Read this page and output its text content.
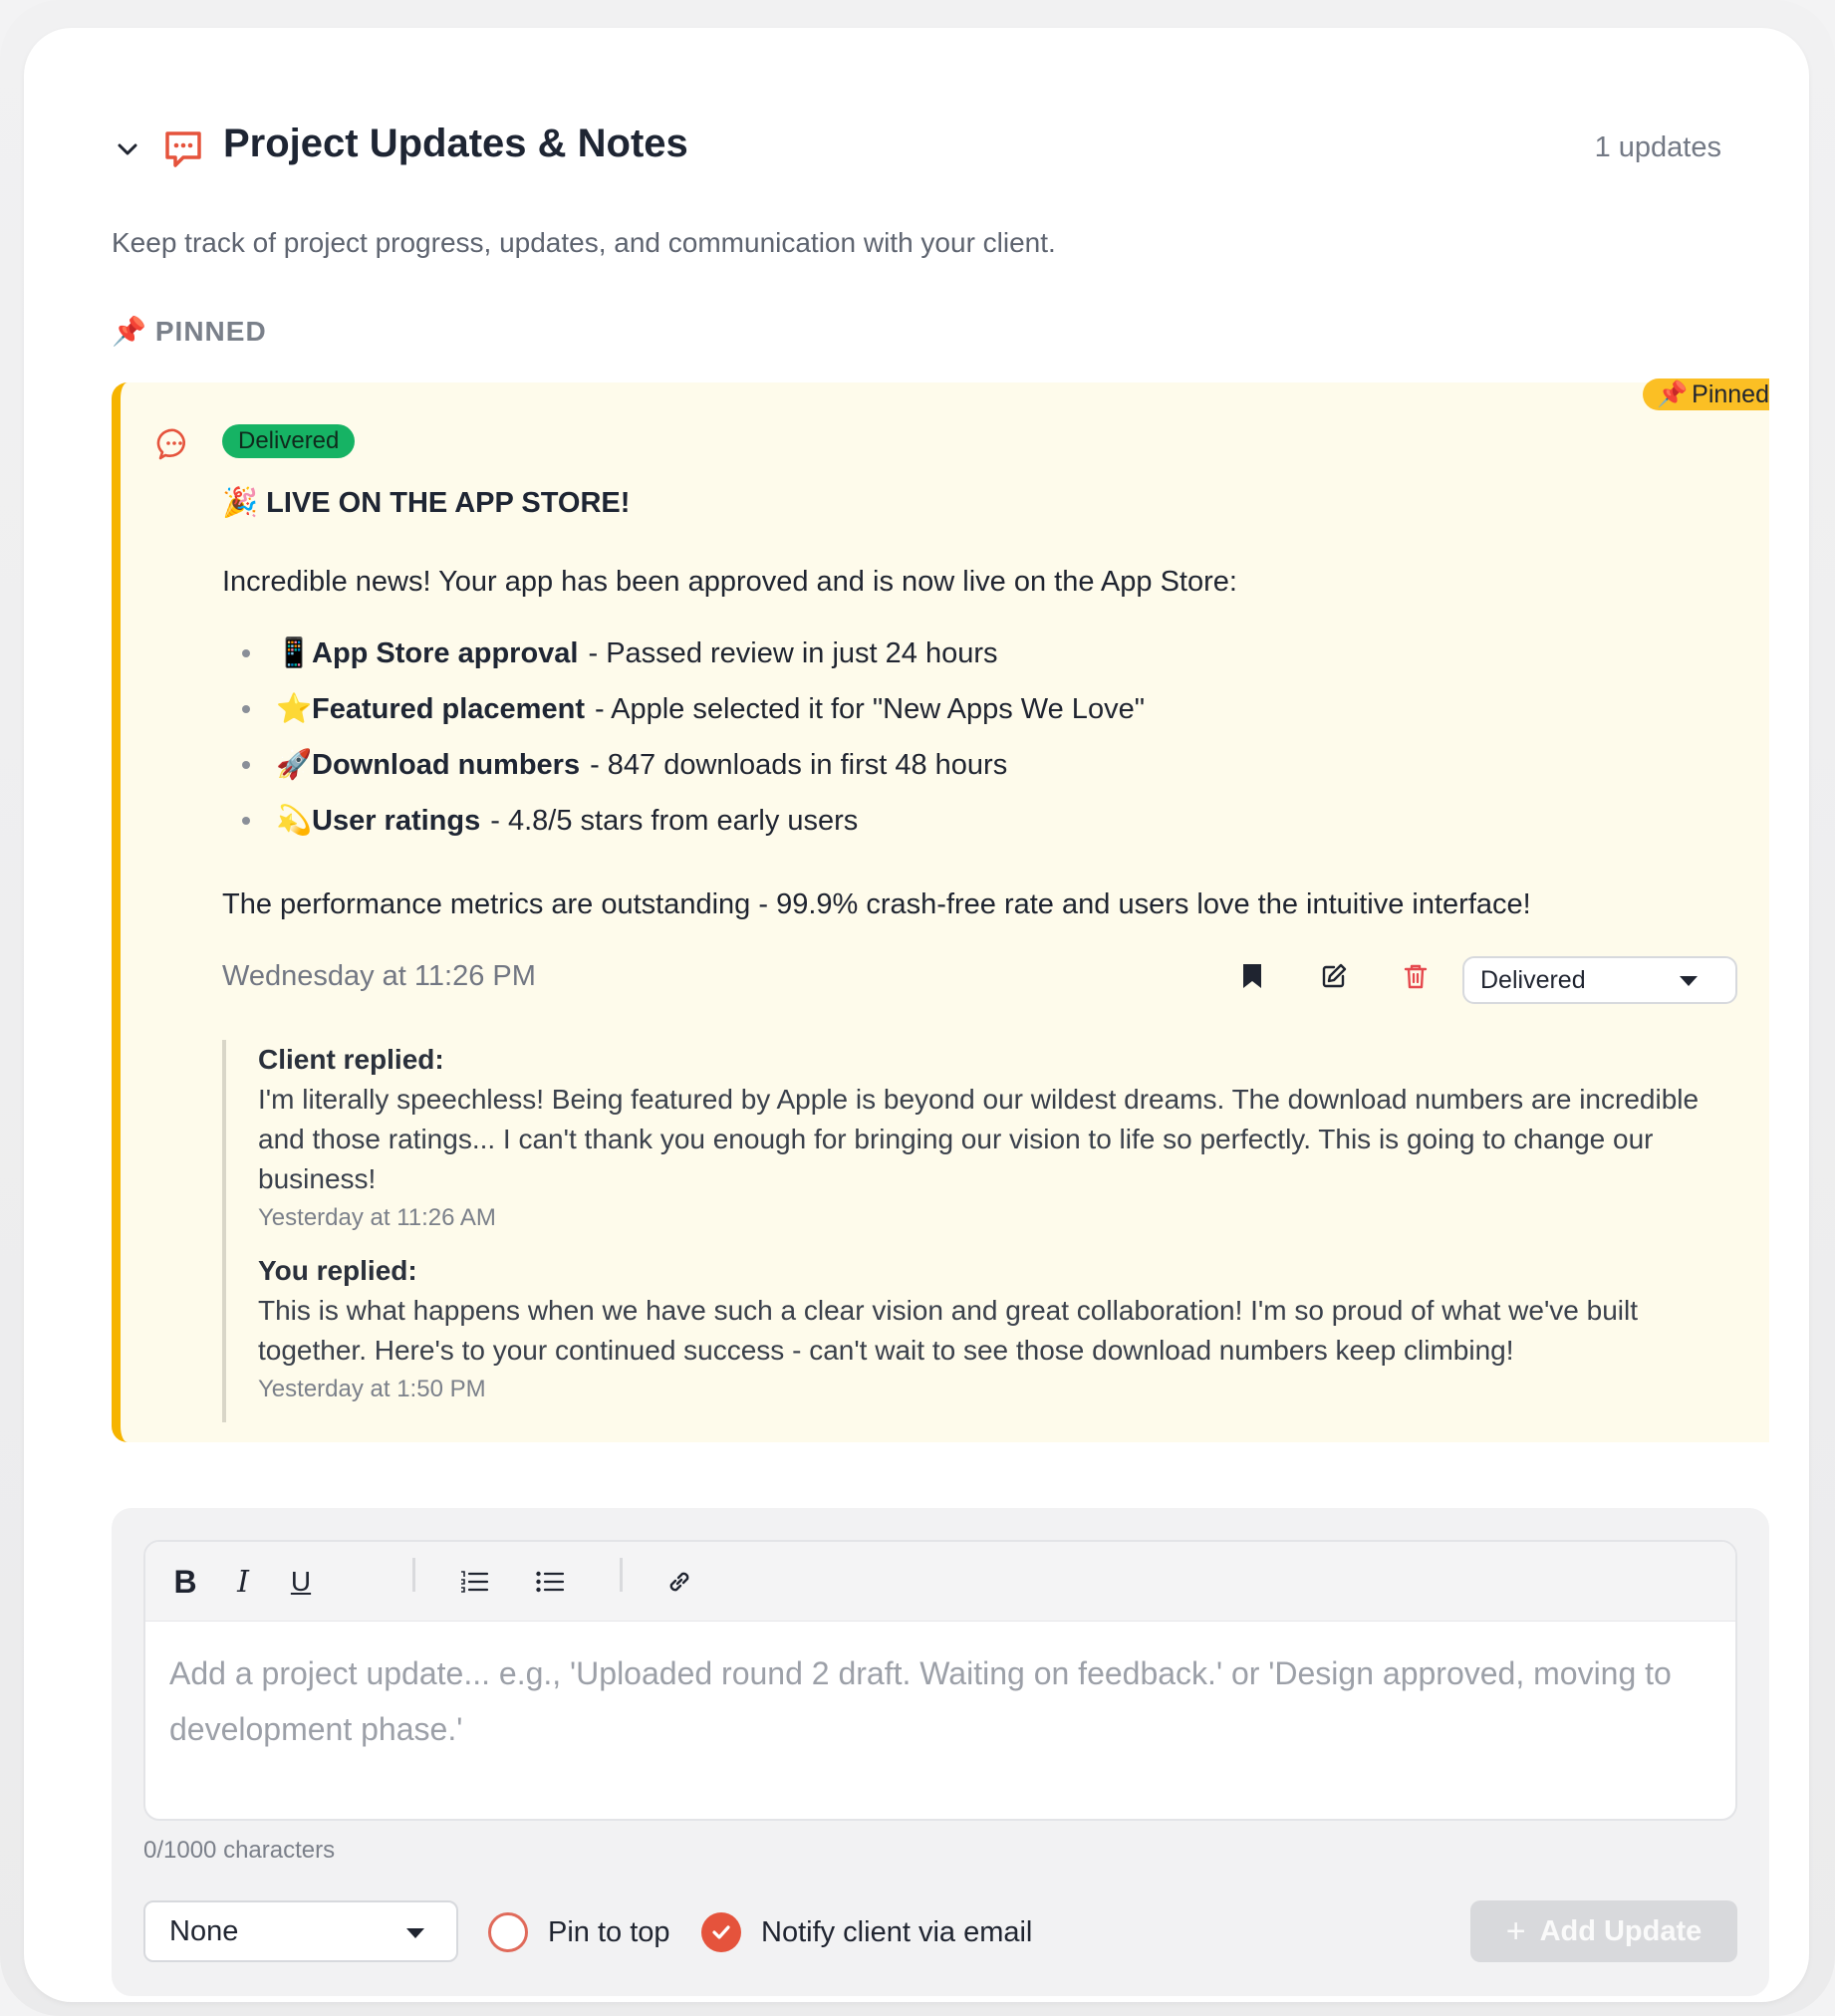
Project Updates & Notes	1 updates
Keep track of project progress, updates, and communication with your client.
📌 PINNED
📌 Pinned
Delivered
🎉 LIVE ON THE APP STORE!
Incredible news! Your app has been approved and is now live on the App Store:
📱 App Store approval - Passed review in just 24 hours
⭐ Featured placement - Apple selected it for "New Apps We Love"
🚀 Download numbers - 847 downloads in first 48 hours
💫 User ratings - 4.8/5 stars from early users
The performance metrics are outstanding - 99.9% crash-free rate and users love the intuitive interface!
Wednesday at 11:26 PM	Delivered
Client replied:
I'm literally speechless! Being featured by Apple is beyond our wildest dreams. The download numbers are incredible and those ratings... I can't thank you enough for bringing our vision to life so perfectly. This is going to change our business!
Yesterday at 11:26 AM
You replied:
This is what happens when we have such a clear vision and great collaboration! I'm so proud of what we've built together. Here's to your continued success - can't wait to see those download numbers keep climbing!
Yesterday at 1:50 PM
B	I	U
Add a project update... e.g., 'Uploaded round 2 draft. Waiting on feedback.' or 'Design approved, moving to development phase.'
0/1000 characters
None	Pin to top	Notify client via email	+ Add Update
